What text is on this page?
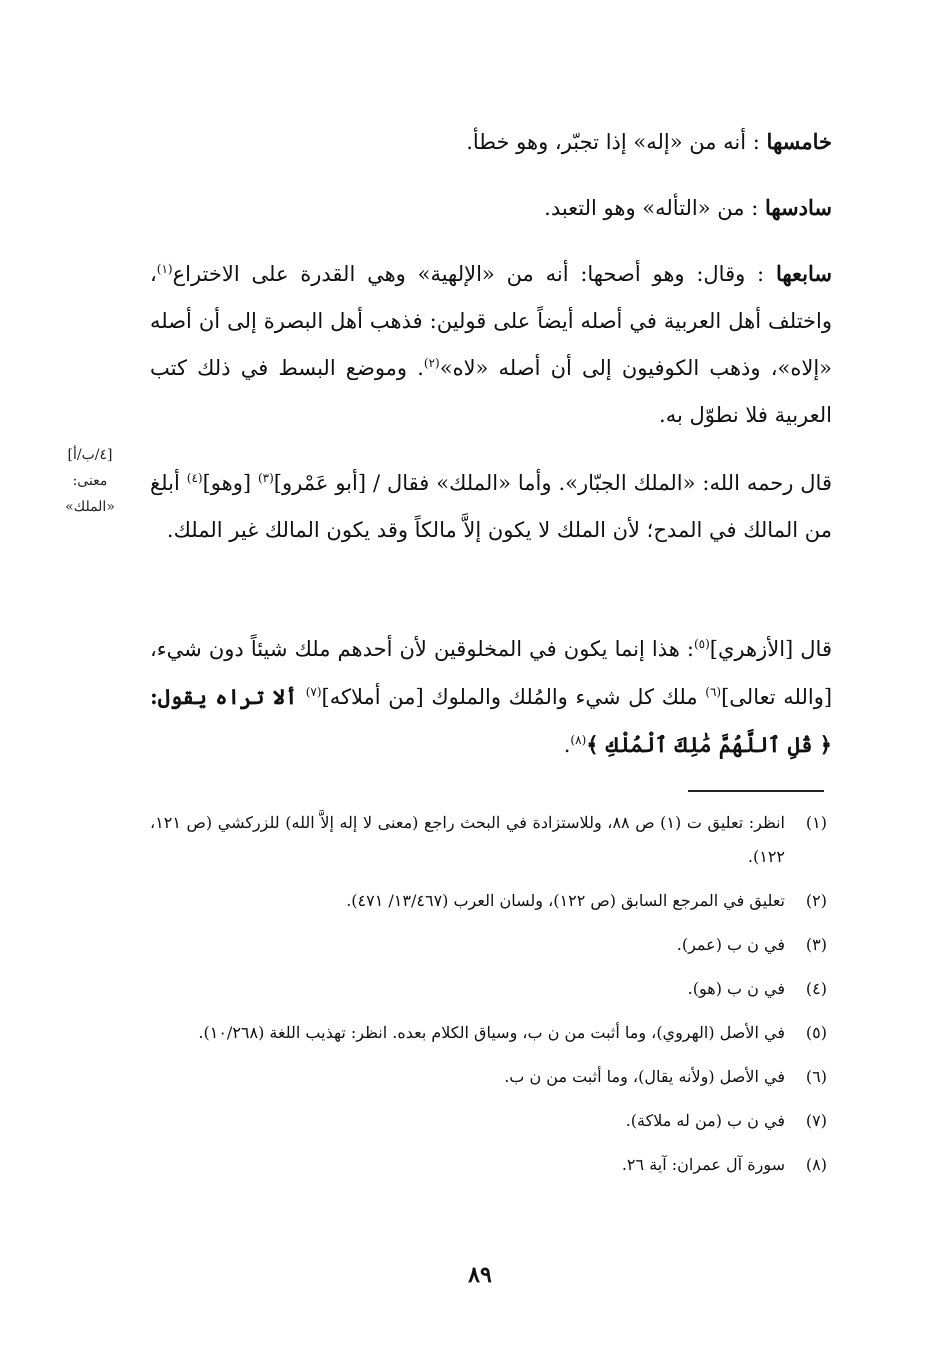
خامسها : أنه من «إله» إذا تجبّر، وهو خطأ.

سادسها : من «التأله» وهو التعبد.

سابعها : وقال: وهو أصحها: أنه من «الإلهية» وهي القدرة على الاختراع$^{(١)}$، واختلف أهل العربية في أصله أيضاً على قولين: فذهب أهل البصرة إلى أن أصله «إلاه»، وذهب الكوفيون إلى أن أصله «لاه»$^{(٢)}$. وموضع البسط في ذلك كتب العربية فلا نطوّل به.

قال رحمه الله: «الملك الجبّار». وأما «الملك» فقال / [أبو عَمْرو]$^{(٣)}$ [وهو]$^{(٤)}$ أبلغ من المالك في المدح؛ لأن الملك لا يكون إلاَّ مالكاً وقد يكون المالك غير الملك.

قال [الأزهري]$^{(٥)}$: هذا إنما يكون في المخلوقين لأن أحدهم ملك شيئاً دون شيء، [والله تعالى]$^{(٦)}$ ملك كل شيء والمُلك والملوك [من أملاكه]$^{(٧)}$ ألا تراه يقول: ﴿ قُلِ ٱللَّهُمَّ مَٰلِكَ ٱلْمُلْكِ ﴾$^{(٨)}$.

[٤/ب/أ]
معنى:
«الملك»
(١)
انظر: تعليق ت (١) ص ٨٨، وللاستزادة في البحث راجع (معنى لا إله إلاَّ الله) للزركشي (ص ١٢١، ١٢٢).
(٢)
تعليق في المرجع السابق (ص ١٢٢)، ولسان العرب (١٣/٤٦٧/ ٤٧١).
(٣)
في ن ب (عمر).
(٤)
في ن ب (هو).
(٥)
في الأصل (الهروي)، وما أثبت من ن ب، وسياق الكلام بعده. انظر: تهذيب اللغة (١٠/٢٦٨).
(٦)
في الأصل (ولأنه يقال)، وما أثبت من ن ب.
(٧)
في ن ب (من له ملاكة).
(٨)
سورة آل عمران: آية ٢٦.
٨٩
